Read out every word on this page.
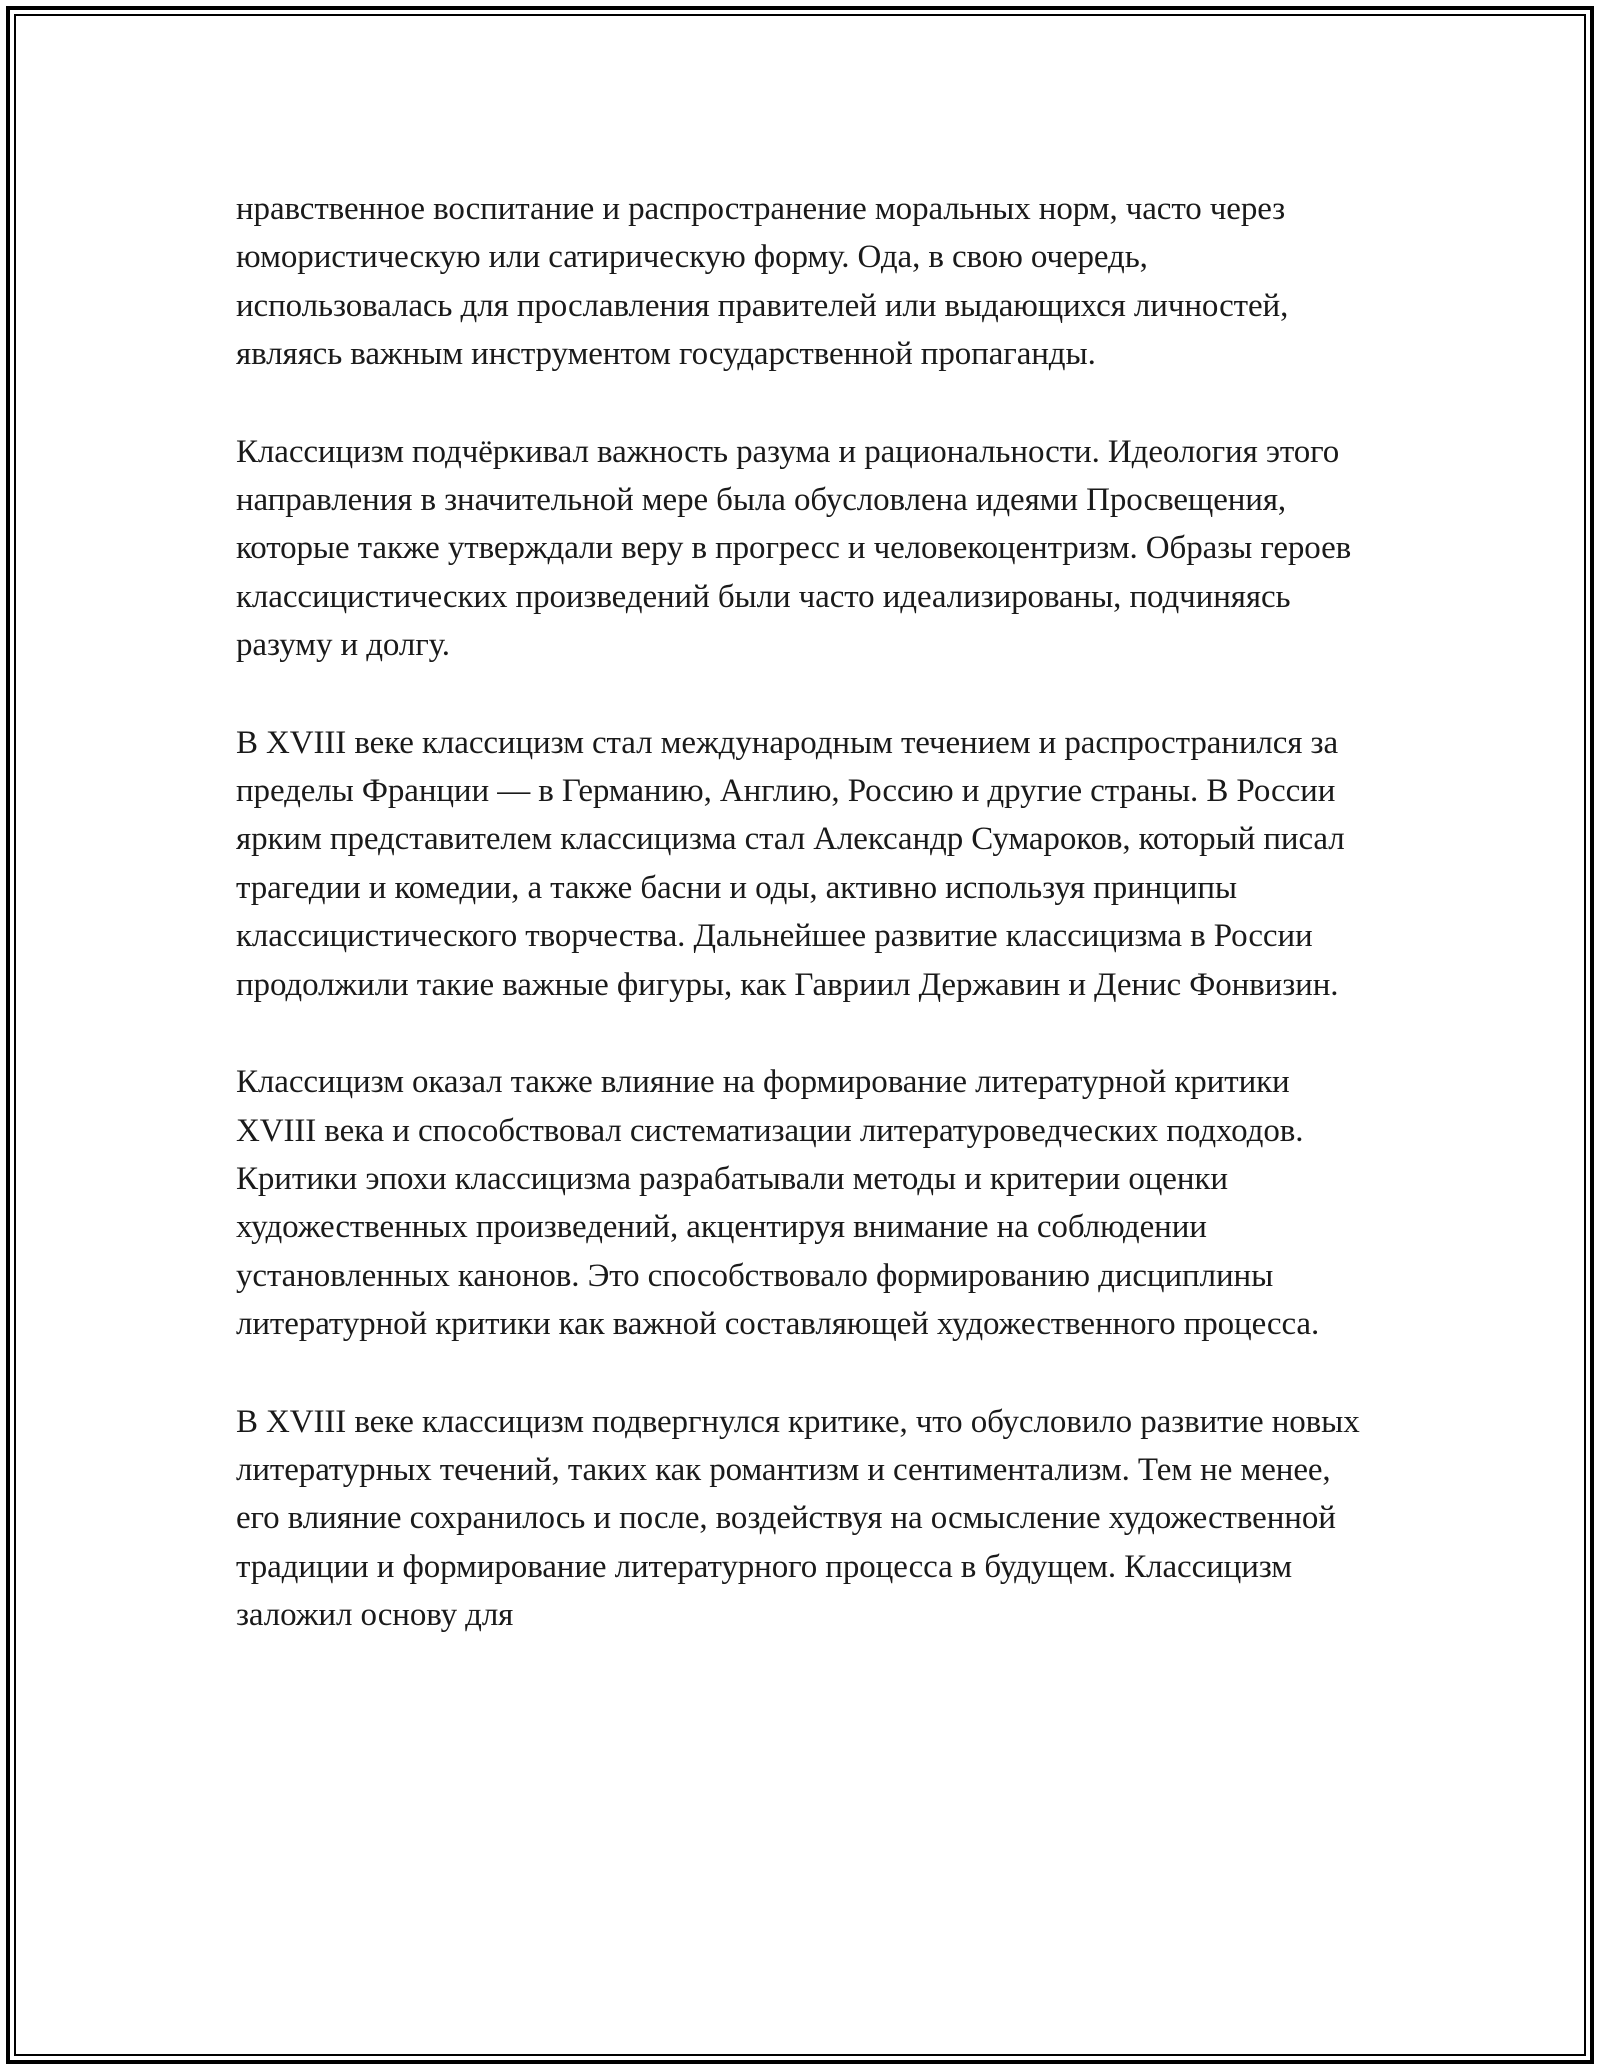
нравственное воспитание и распространение моральных норм, часто через юмористическую или сатирическую форму. Ода, в свою очередь, использовалась для прославления правителей или выдающихся личностей, являясь важным инструментом государственной пропаганды.

Классицизм подчёркивал важность разума и рациональности. Идеология этого направления в значительной мере была обусловлена идеями Просвещения, которые также утверждали веру в прогресс и человекоцентризм. Образы героев классицистических произведений были часто идеализированы, подчиняясь разуму и долгу.

В XVIII веке классицизм стал международным течением и распространился за пределы Франции — в Германию, Англию, Россию и другие страны. В России ярким представителем классицизма стал Александр Сумароков, который писал трагедии и комедии, а также басни и оды, активно используя принципы классицистического творчества. Дальнейшее развитие классицизма в России продолжили такие важные фигуры, как Гавриил Державин и Денис Фонвизин.

Классицизм оказал также влияние на формирование литературной критики XVIII века и способствовал систематизации литературоведческих подходов. Критики эпохи классицизма разрабатывали методы и критерии оценки художественных произведений, акцентируя внимание на соблюдении установленных канонов. Это способствовало формированию дисциплины литературной критики как важной составляющей художественного процесса.

В XVIII веке классицизм подвергнулся критике, что обусловило развитие новых литературных течений, таких как романтизм и сентиментализм. Тем не менее, его влияние сохранилось и после, воздействуя на осмысление художественной традиции и формирование литературного процесса в будущем. Классицизм заложил основу для
